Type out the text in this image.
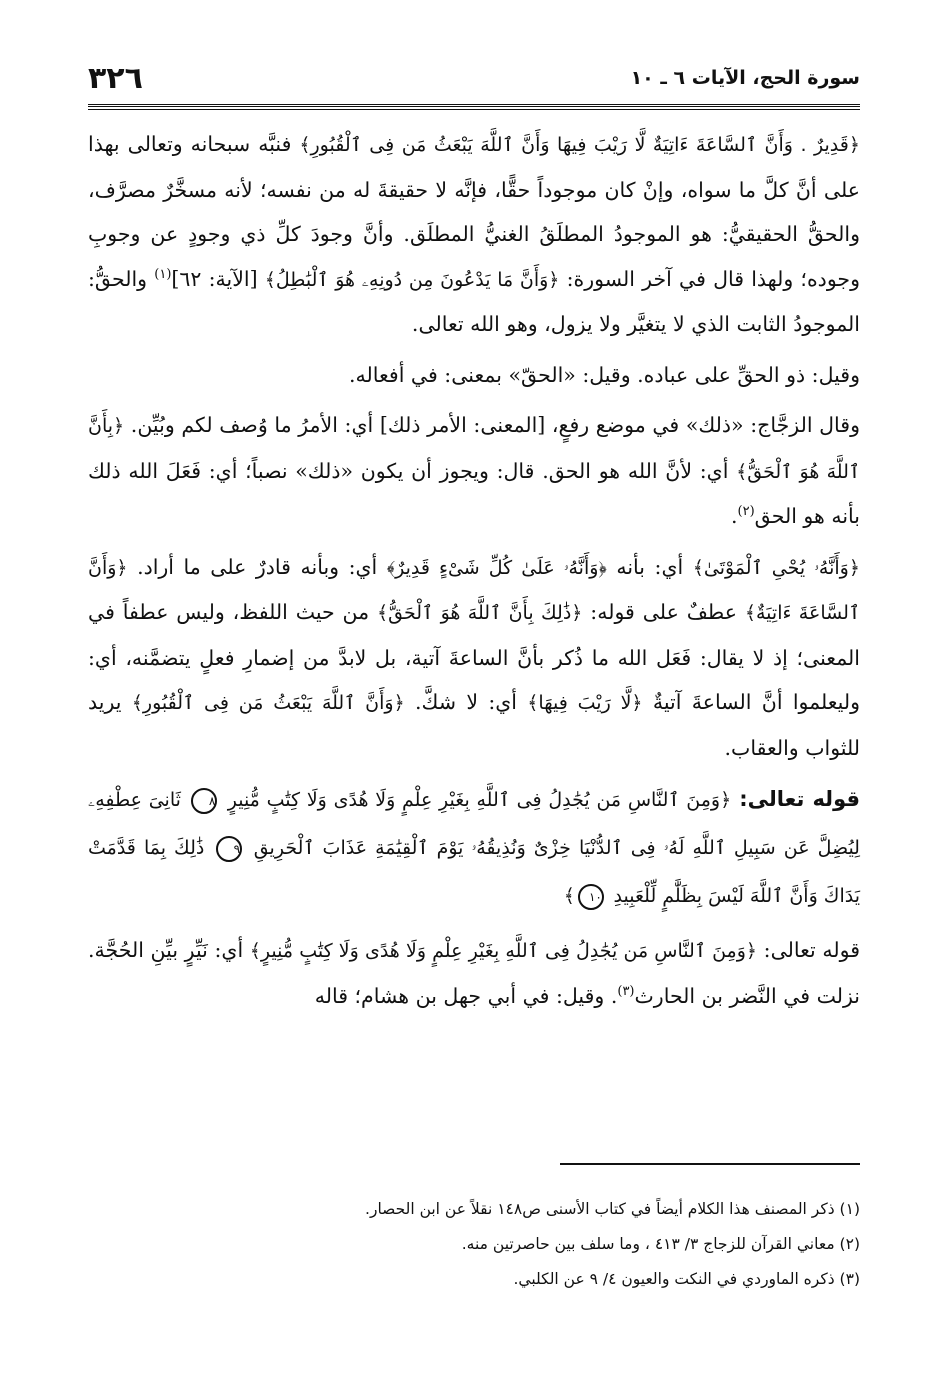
٣٢٦	سورة الحج، الآيات ٦ ـ ١٠

﴿قَدِيرٌ . وَأَنَّ ٱلسَّاعَةَ ءَاتِيَةٌ لَّا رَيْبَ فِيهَا وَأَنَّ ٱللَّهَ يَبْعَثُ مَن فِى ٱلْقُبُورِ﴾ فنبَّه سبحانه وتعالى بهذا على أنَّ كلَّ ما سواه، وإنْ كان موجوداً حقًّا، فإنَّه لا حقيقةَ له من نفسه؛ لأنه مسخَّرٌ مصرَّف، والحقُّ الحقيقيُّ: هو الموجودُ المطلَقُ الغنيُّ المطلَق. وأنَّ وجودَ كلِّ ذي وجودٍ عن وجوبِ وجوده؛ ولهذا قال في آخر السورة: ﴿وَأَنَّ مَا يَدْعُونَ مِن دُونِهِۦ هُوَ ٱلْبَٰطِلُ﴾ [الآية: ٦٢]$^{(١)}$ والحقُّ: الموجودُ الثابت الذي لا يتغيَّر ولا يزول، وهو الله تعالى.

وقيل: ذو الحقِّ على عباده. وقيل: «الحقّ» بمعنى: في أفعاله.

وقال الزجَّاج: «ذلك» في موضع رفعٍ، [المعنى: الأمر ذلك] أي: الأمرُ ما وُصف لكم وبُيِّن. ﴿بِأَنَّ ٱللَّهَ هُوَ ٱلْحَقُّ﴾ أي: لأنَّ الله هو الحق. قال: ويجوز أن يكون «ذلك» نصباً؛ أي: فَعَلَ الله ذلك بأنه هو الحق$^{(٢)}$.

﴿وَأَنَّهُۥ يُحْىِ ٱلْمَوْتَىٰ﴾ أي: بأنه ﴿وَأَنَّهُۥ عَلَىٰ كُلِّ شَىْءٍ قَدِيرٌ﴾ أي: وبأنه قادرٌ على ما أراد. ﴿وَأَنَّ ٱلسَّاعَةَ ءَاتِيَةٌ﴾ عطفٌ على قوله: ﴿ذَٰلِكَ بِأَنَّ ٱللَّهَ هُوَ ٱلْحَقُّ﴾ من حيث اللفظ، وليس عطفاً في المعنى؛ إذ لا يقال: فَعَل الله ما ذُكر بأنَّ الساعةَ آتية، بل لابدَّ من إضمارِ فعلٍ يتضمَّنه، أي: وليعلموا أنَّ الساعةَ آتيةٌ ﴿لَّا رَيْبَ فِيهَا﴾ أي: لا شكَّ. ﴿وَأَنَّ ٱللَّهَ يَبْعَثُ مَن فِى ٱلْقُبُورِ﴾ يريد للثواب والعقاب.

قوله تعالى: ﴿وَمِنَ ٱلنَّاسِ مَن يُجَٰدِلُ فِى ٱللَّهِ بِغَيْرِ عِلْمٍ وَلَا هُدًى وَلَا كِتَٰبٍ مُّنِيرٍ ٨ ثَانِىَ عِطْفِهِۦ لِيُضِلَّ عَن سَبِيلِ ٱللَّهِ لَهُۥ فِى ٱلدُّنْيَا خِزْىٌ وَنُذِيقُهُۥ يَوْمَ ٱلْقِيَٰمَةِ عَذَابَ ٱلْحَرِيقِ ٩ ذَٰلِكَ بِمَا قَدَّمَتْ يَدَاكَ وَأَنَّ ٱللَّهَ لَيْسَ بِظَلَّٰمٍ لِّلْعَبِيدِ ١٠﴾

قوله تعالى: ﴿وَمِنَ ٱلنَّاسِ مَن يُجَٰدِلُ فِى ٱللَّهِ بِغَيْرِ عِلْمٍ وَلَا هُدًى وَلَا كِتَٰبٍ مُّنِيرٍ﴾ أي: نَيِّرٍ بيِّنِ الحُجَّة. نزلت في النَّضر بن الحارث$^{(٣)}$. وقيل: في أبي جهل بن هشام؛ قاله

(١) ذكر المصنف هذا الكلام أيضاً في كتاب الأسنى ص١٤٨ نقلاً عن ابن الحصار.
(٢) معاني القرآن للزجاج ٣/ ٤١٣ ، وما سلف بين حاصرتين منه.
(٣) ذكره الماوردي في النكت والعيون ٤/ ٩ عن الكلبي.
